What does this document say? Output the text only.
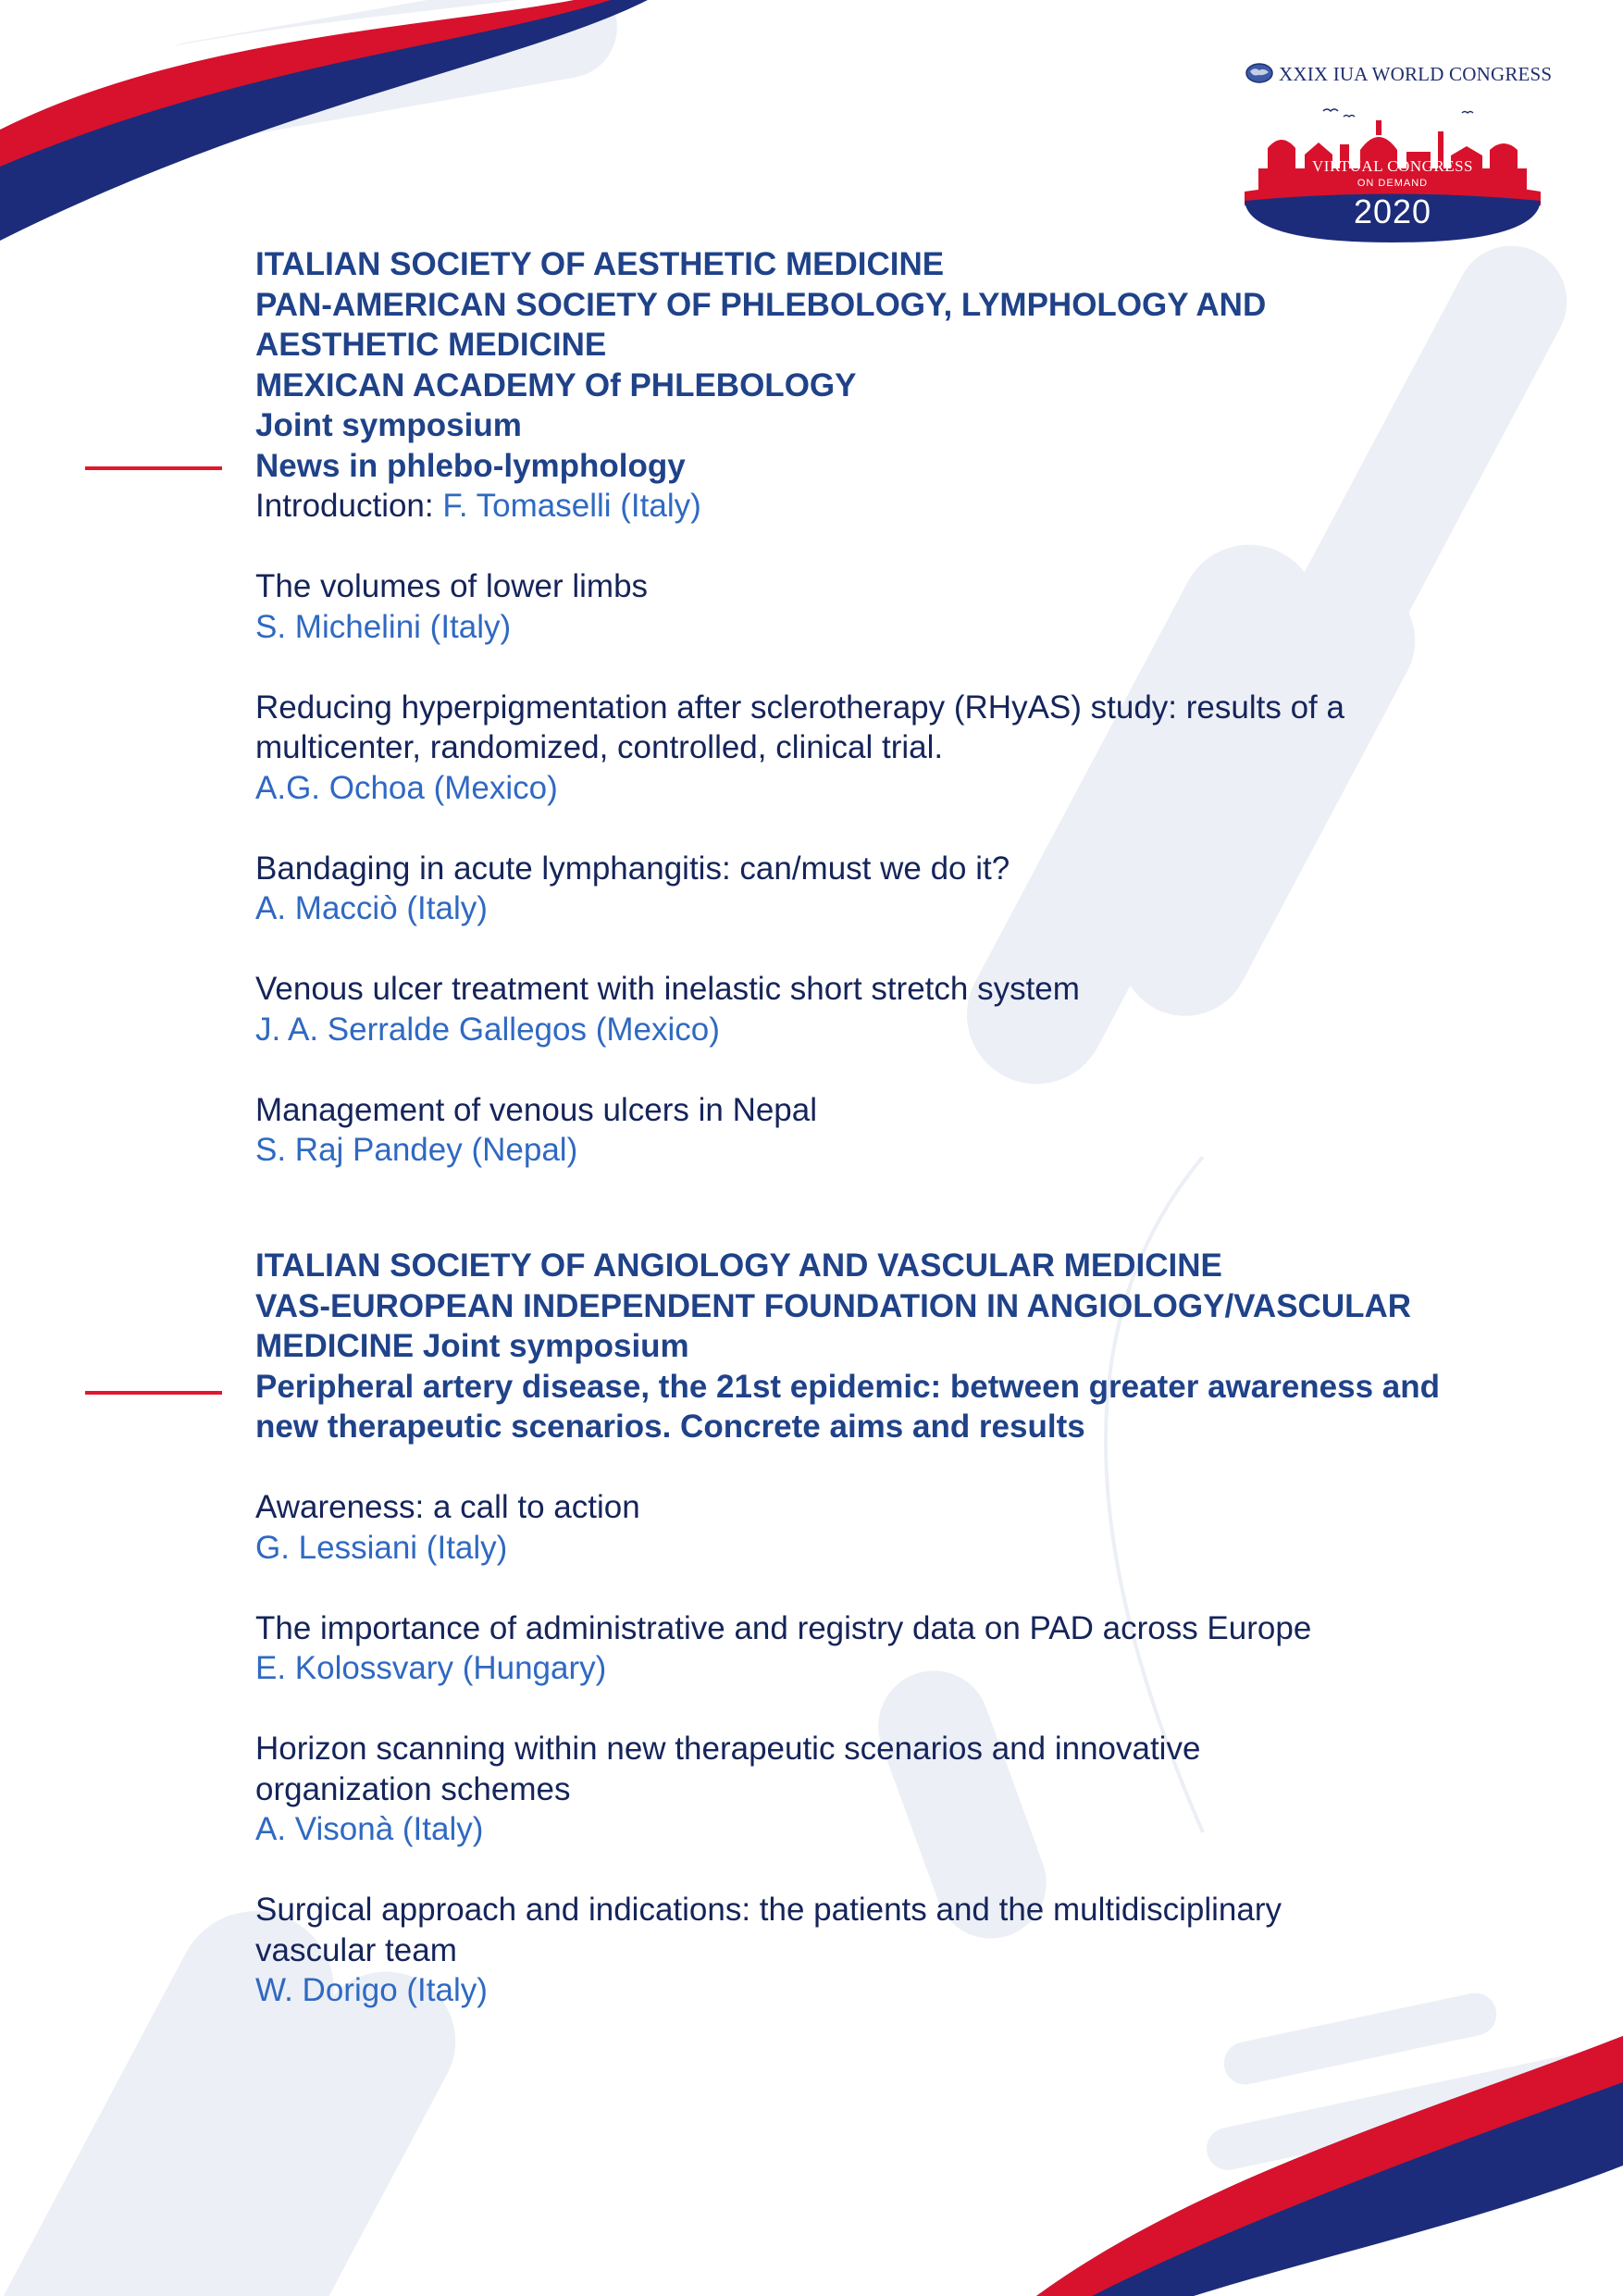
XXIX IUA WORLD CONGRESS
VIRTUAL CONGRESS
ON DEMAND
2020
ITALIAN SOCIETY OF AESTHETIC MEDICINE
PAN-AMERICAN SOCIETY OF PHLEBOLOGY, LYMPHOLOGY AND
AESTHETIC MEDICINE
MEXICAN ACADEMY Of PHLEBOLOGY
Joint symposium
News in phlebo-lymphology
Introduction: F. Tomaselli (Italy)
The volumes of lower limbs
S. Michelini (Italy)
Reducing hyperpigmentation after sclerotherapy (RHyAS) study: results of a
multicenter, randomized, controlled, clinical trial.
A.G. Ochoa (Mexico)
Bandaging in acute lymphangitis: can/must we do it?
A. Macciò (Italy)
Venous ulcer treatment with inelastic short stretch system
J. A. Serralde Gallegos (Mexico)
Management of venous ulcers in Nepal
S. Raj Pandey (Nepal)
ITALIAN SOCIETY OF ANGIOLOGY AND VASCULAR MEDICINE
VAS-EUROPEAN INDEPENDENT FOUNDATION IN ANGIOLOGY/VASCULAR
MEDICINE Joint symposium
Peripheral artery disease, the 21st epidemic: between greater awareness and
new therapeutic scenarios. Concrete aims and results
Awareness: a call to action
G. Lessiani (Italy)
The importance of administrative and registry data on PAD across Europe
E. Kolossvary (Hungary)
Horizon scanning within new therapeutic scenarios and innovative
organization schemes
A. Visonà (Italy)
Surgical approach and indications: the patients and the multidisciplinary
vascular team
W. Dorigo (Italy)
